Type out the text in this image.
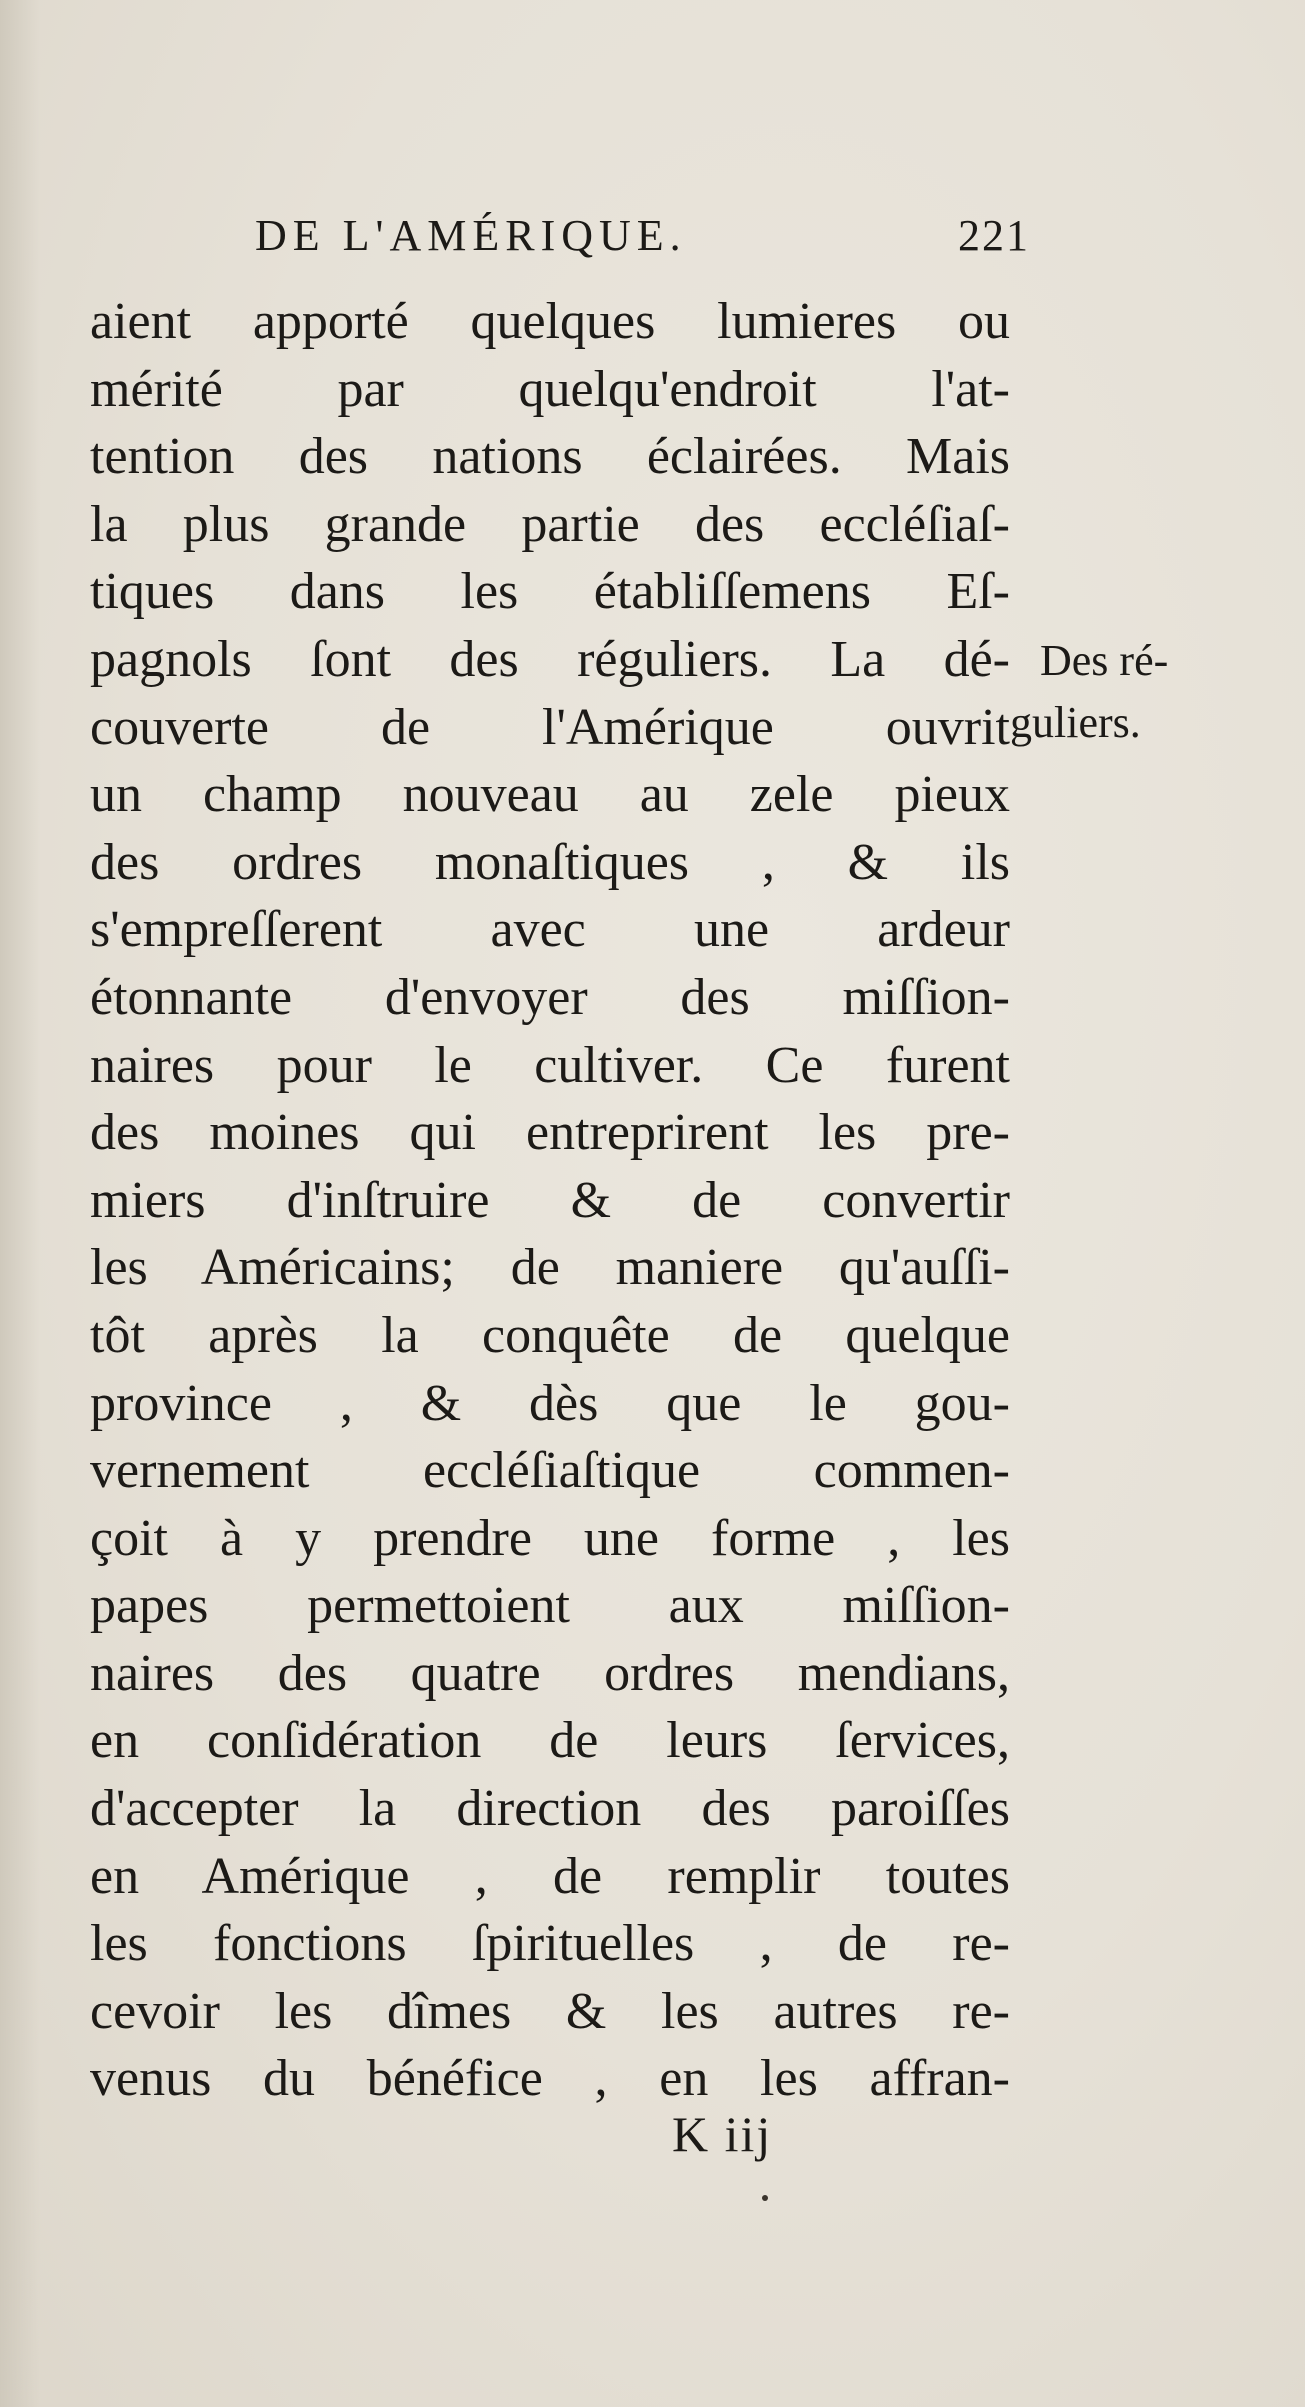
DE L'AMÉRIQUE.	221
aient apporté quelques lumieres ou
mérité par quelqu'endroit l'at-
tention des nations éclairées. Mais
la plus grande partie des eccléſiaſ-
tiques dans les établiſſemens Eſ-
pagnols ſont des réguliers. La dé-
couverte de l'Amérique ouvrit
un champ nouveau au zele pieux
des ordres monaſtiques , & ils
s'empreſſerent avec une ardeur
étonnante d'envoyer des miſſion-
naires pour le cultiver. Ce furent
des moines qui entreprirent les pre-
miers d'inſtruire & de convertir
les Américains; de maniere qu'auſſi-
tôt après la conquête de quelque
province , & dès que le gou-
vernement eccléſiaſtique commen-
çoit à y prendre une forme , les
papes permettoient aux miſſion-
naires des quatre ordres mendians,
en conſidération de leurs ſervices,
d'accepter la direction des paroiſſes
en Amérique , de remplir toutes
les fonctions ſpirituelles , de re-
cevoir les dîmes & les autres re-
venus du bénéfice , en les affran-
Des ré-
guliers.
K iij
